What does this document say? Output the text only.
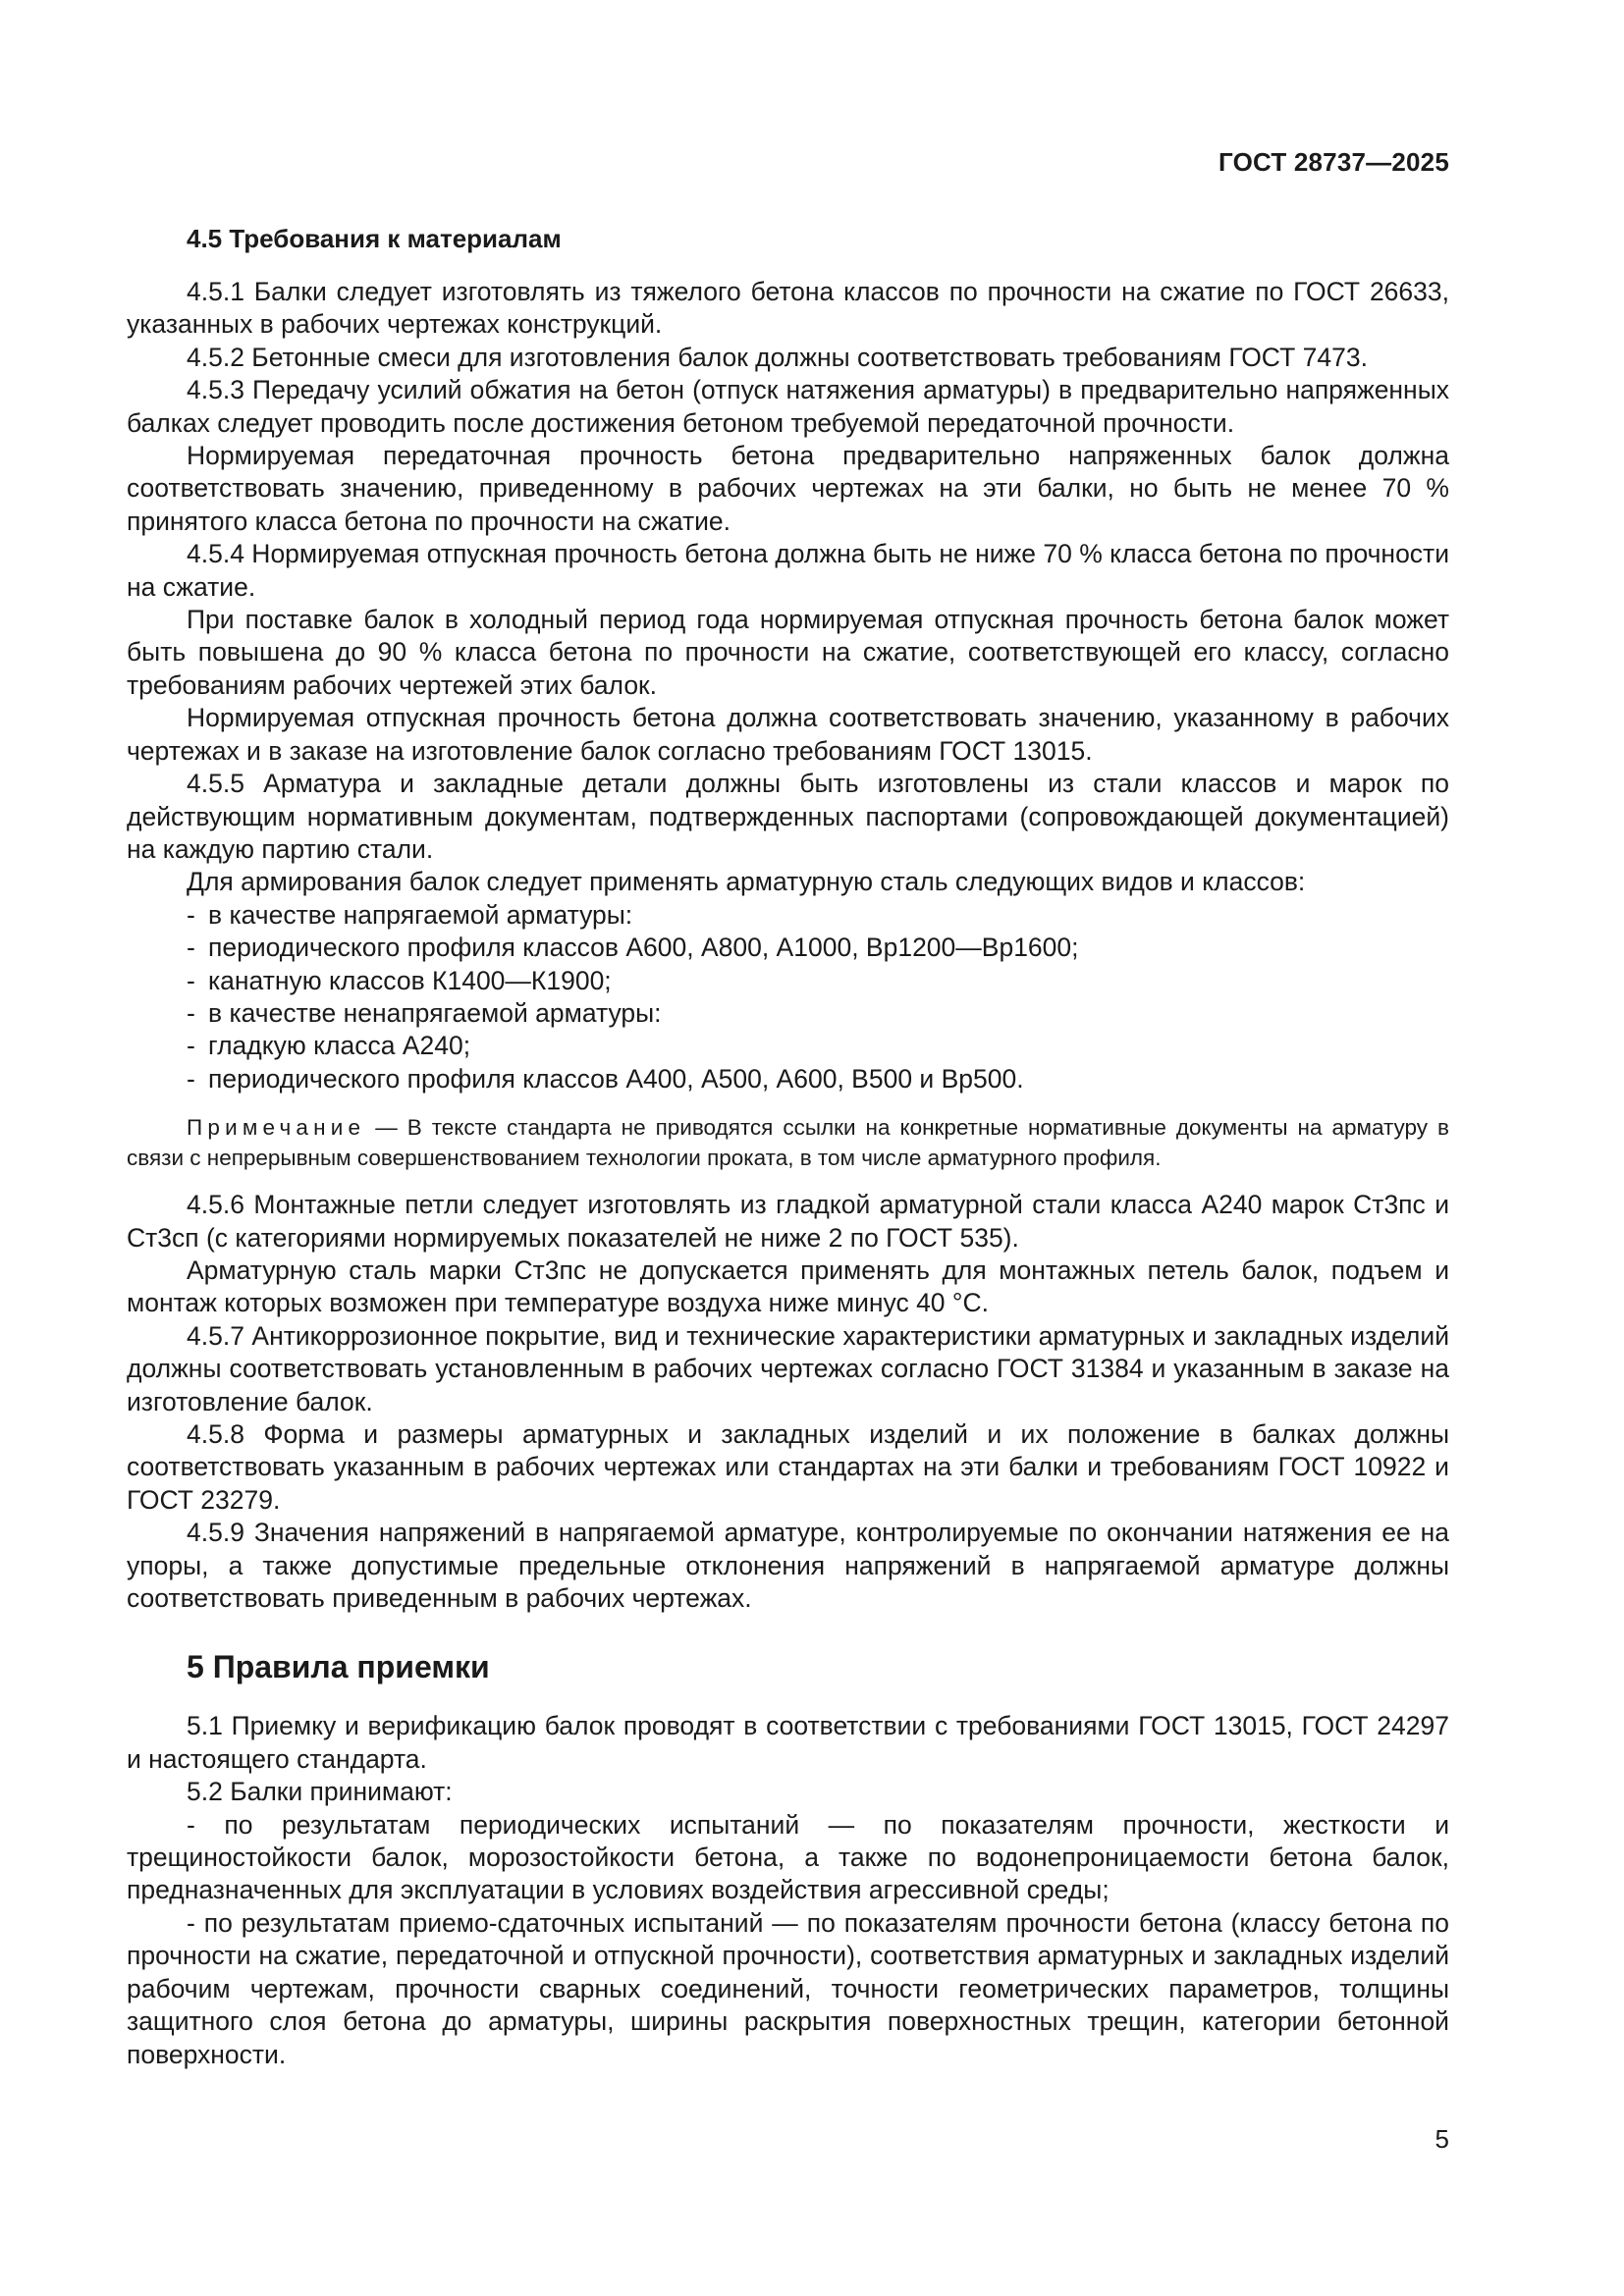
ГОСТ 28737—2025
4.5 Требования к материалам

4.5.1 Балки следует изготовлять из тяжелого бетона классов по прочности на сжатие по ГОСТ 26633, указанных в рабочих чертежах конструкций.

4.5.2 Бетонные смеси для изготовления балок должны соответствовать требованиям ГОСТ 7473.

4.5.3 Передачу усилий обжатия на бетон (отпуск натяжения арматуры) в предварительно напряженных балках следует проводить после достижения бетоном требуемой передаточной прочности.

Нормируемая передаточная прочность бетона предварительно напряженных балок должна соответствовать значению, приведенному в рабочих чертежах на эти балки, но быть не менее 70 % принятого класса бетона по прочности на сжатие.

4.5.4 Нормируемая отпускная прочность бетона должна быть не ниже 70 % класса бетона по прочности на сжатие.

При поставке балок в холодный период года нормируемая отпускная прочность бетона балок может быть повышена до 90 % класса бетона по прочности на сжатие, соответствующей его классу, согласно требованиям рабочих чертежей этих балок.

Нормируемая отпускная прочность бетона должна соответствовать значению, указанному в рабочих чертежах и в заказе на изготовление балок согласно требованиям ГОСТ 13015.

4.5.5 Арматура и закладные детали должны быть изготовлены из стали классов и марок по действующим нормативным документам, подтвержденных паспортами (сопровождающей документацией) на каждую партию стали.

Для армирования балок следует применять арматурную сталь следующих видов и классов:

- в качестве напрягаемой арматуры:
- периодического профиля классов А600, А800, А1000, Вр1200—Вр1600;
- канатную классов К1400—К1900;
- в качестве ненапрягаемой арматуры:
- гладкую класса А240;
- периодического профиля классов А400, А500, А600, В500 и Вр500.

Примечание — В тексте стандарта не приводятся ссылки на конкретные нормативные документы на арматуру в связи с непрерывным совершенствованием технологии проката, в том числе арматурного профиля.

4.5.6 Монтажные петли следует изготовлять из гладкой арматурной стали класса А240 марок Ст3пс и Ст3сп (с категориями нормируемых показателей не ниже 2 по ГОСТ 535).

Арматурную сталь марки Ст3пс не допускается применять для монтажных петель балок, подъем и монтаж которых возможен при температуре воздуха ниже минус 40 °С.

4.5.7 Антикоррозионное покрытие, вид и технические характеристики арматурных и закладных изделий должны соответствовать установленным в рабочих чертежах согласно ГОСТ 31384 и указанным в заказе на изготовление балок.

4.5.8 Форма и размеры арматурных и закладных изделий и их положение в балках должны соответствовать указанным в рабочих чертежах или стандартах на эти балки и требованиям ГОСТ 10922 и ГОСТ 23279.

4.5.9 Значения напряжений в напрягаемой арматуре, контролируемые по окончании натяжения ее на упоры, а также допустимые предельные отклонения напряжений в напрягаемой арматуре должны соответствовать приведенным в рабочих чертежах.

5 Правила приемки

5.1 Приемку и верификацию балок проводят в соответствии с требованиями ГОСТ 13015, ГОСТ 24297 и настоящего стандарта.

5.2 Балки принимают:

- по результатам периодических испытаний — по показателям прочности, жесткости и трещиностойкости балок, морозостойкости бетона, а также по водонепроницаемости бетона балок, предназначенных для эксплуатации в условиях воздействия агрессивной среды;

- по результатам приемо-сдаточных испытаний — по показателям прочности бетона (классу бетона по прочности на сжатие, передаточной и отпускной прочности), соответствия арматурных и закладных изделий рабочим чертежам, прочности сварных соединений, точности геометрических параметров, толщины защитного слоя бетона до арматуры, ширины раскрытия поверхностных трещин, категории бетонной поверхности.

5
